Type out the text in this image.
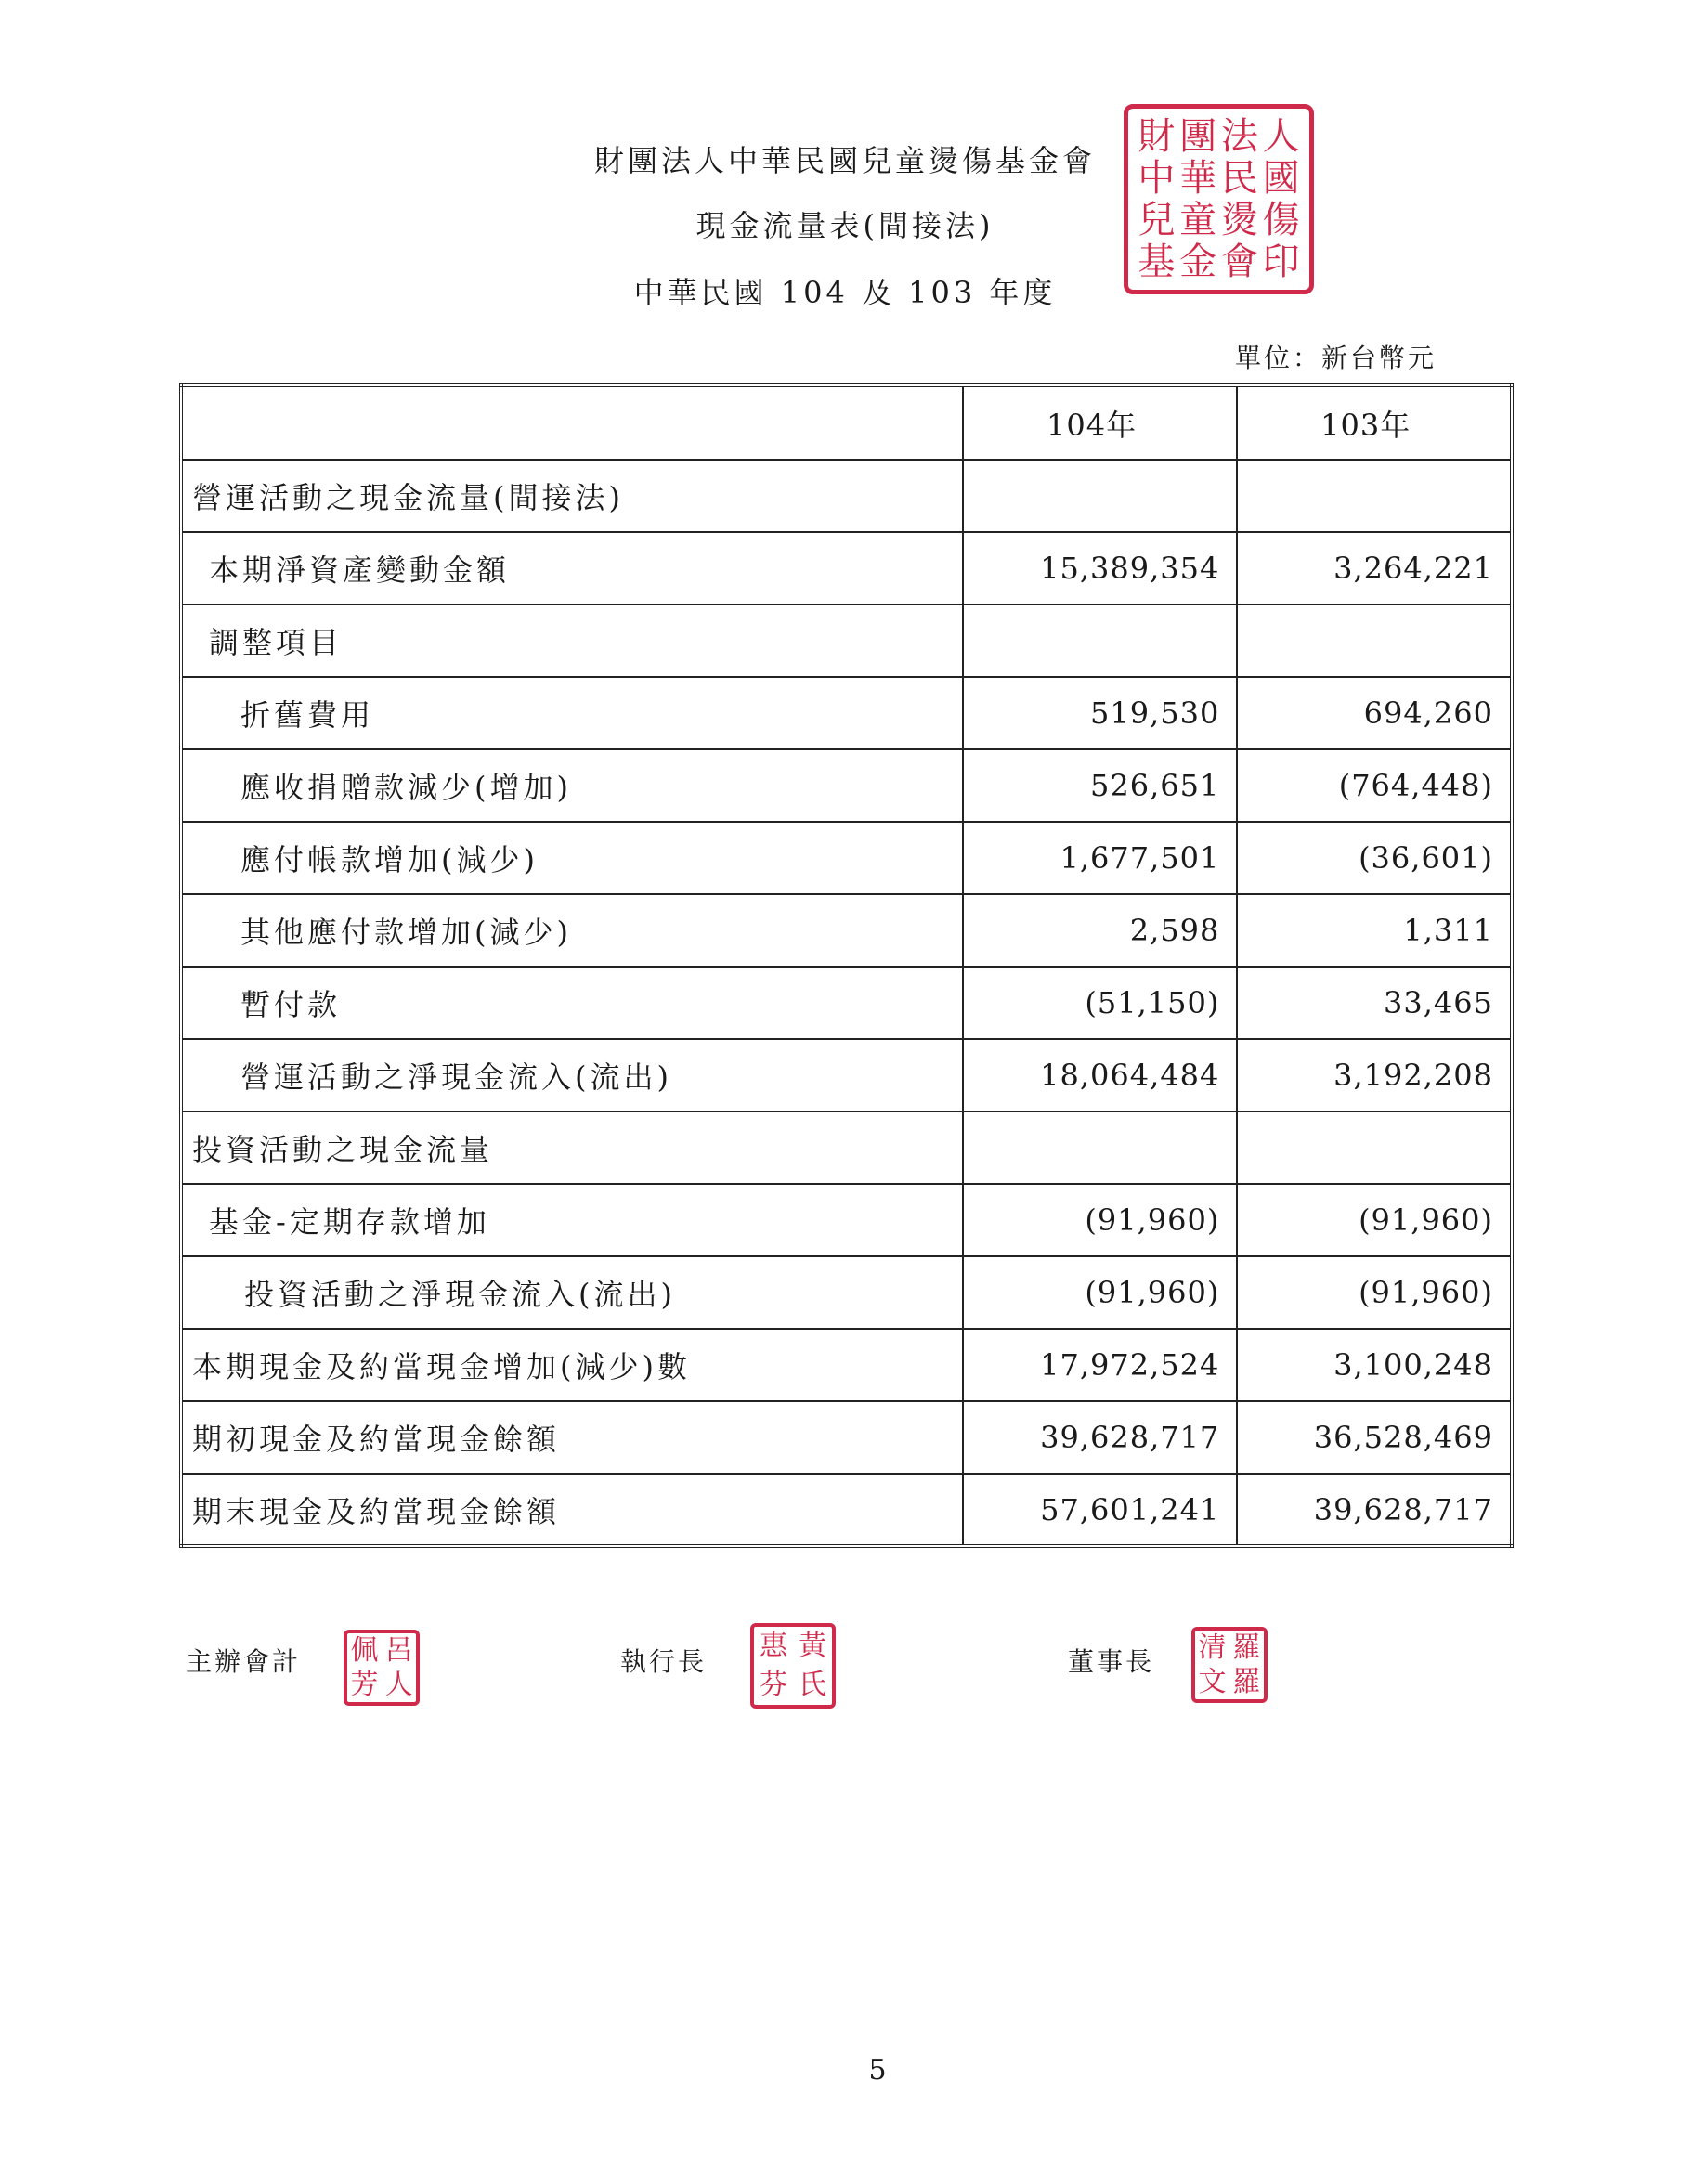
財團法人中華民國兒童燙傷基金會
現金流量表(間接法)
中華民國 104 及 103 年度
財 團 法 人
中 華 民 國
兒 童 燙 傷
基 金 會 印
單位：新台幣元
	104年	103年
營運活動之現金流量(間接法)		
本期淨資產變動金額	15,389,354	3,264,221
調整項目		
折舊費用	519,530	694,260
應收捐贈款減少(增加)	526,651	(764,448)
應付帳款增加(減少)	1,677,501	(36,601)
其他應付款增加(減少)	2,598	1,311
暫付款	(51,150)	33,465
營運活動之淨現金流入(流出)	18,064,484	3,192,208
投資活動之現金流量		
基金-定期存款增加	(91,960)	(91,960)
投資活動之淨現金流入(流出)	(91,960)	(91,960)
本期現金及約當現金增加(減少)數	17,972,524	3,100,248
期初現金及約當現金餘額	39,628,717	36,528,469
期末現金及約當現金餘額	57,601,241	39,628,717
主辦會計 佩 呂
芳 人
執行長 惠 黃
芬 氏
董事長 清 羅
文 羅
5
